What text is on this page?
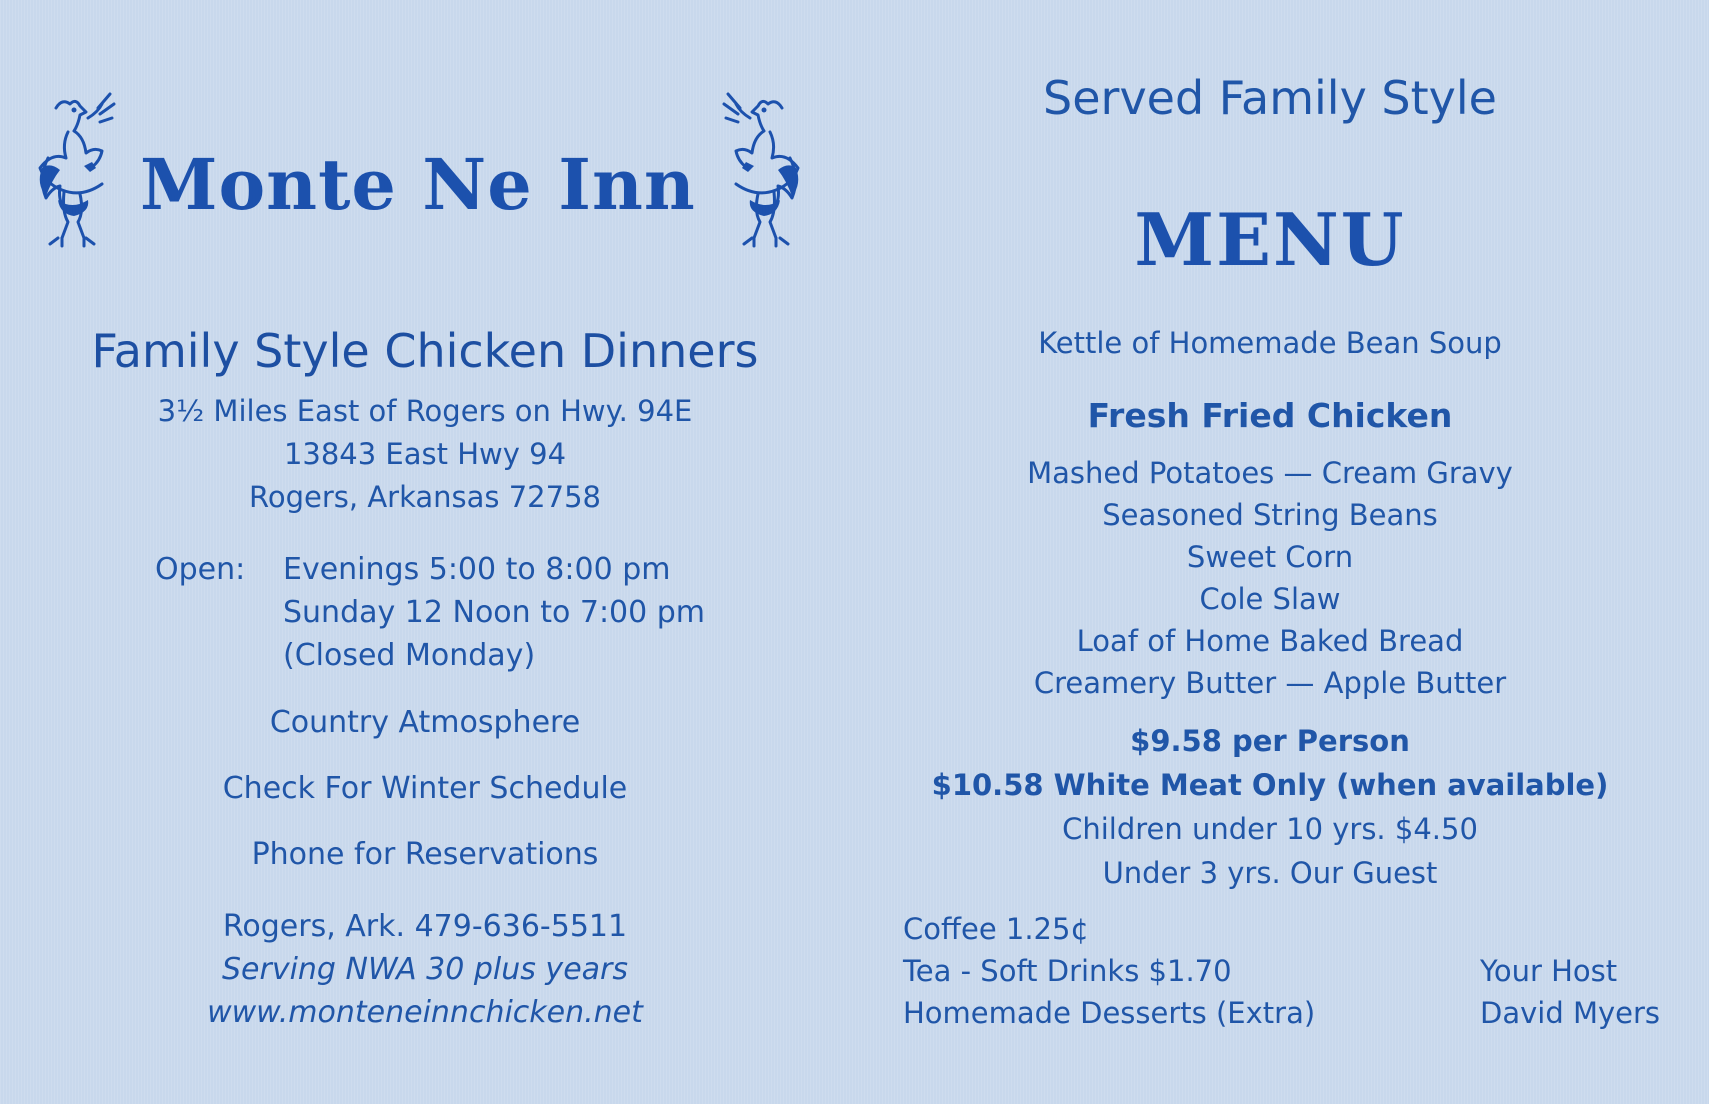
Monte Ne Inn
Family Style Chicken Dinners
3½ Miles East of Rogers on Hwy. 94E
13843 East Hwy 94
Rogers, Arkansas 72758
Open: Evenings 5:00 to 8:00 pm
Sunday 12 Noon to 7:00 pm
(Closed Monday)
Country Atmosphere
Check For Winter Schedule
Phone for Reservations
Rogers, Ark. 479-636-5511
Serving NWA 30 plus years
www.monteneinnchicken.net
Served Family Style
MENU
Kettle of Homemade Bean Soup
Fresh Fried Chicken
Mashed Potatoes — Cream Gravy
Seasoned String Beans
Sweet Corn
Cole Slaw
Loaf of Home Baked Bread
Creamery Butter — Apple Butter
$9.58 per Person
$10.58 White Meat Only (when available)
Children under 10 yrs. $4.50
Under 3 yrs. Our Guest
Coffee 1.25¢
Tea - Soft Drinks $1.70
Homemade Desserts (Extra)
Your Host
David Myers
